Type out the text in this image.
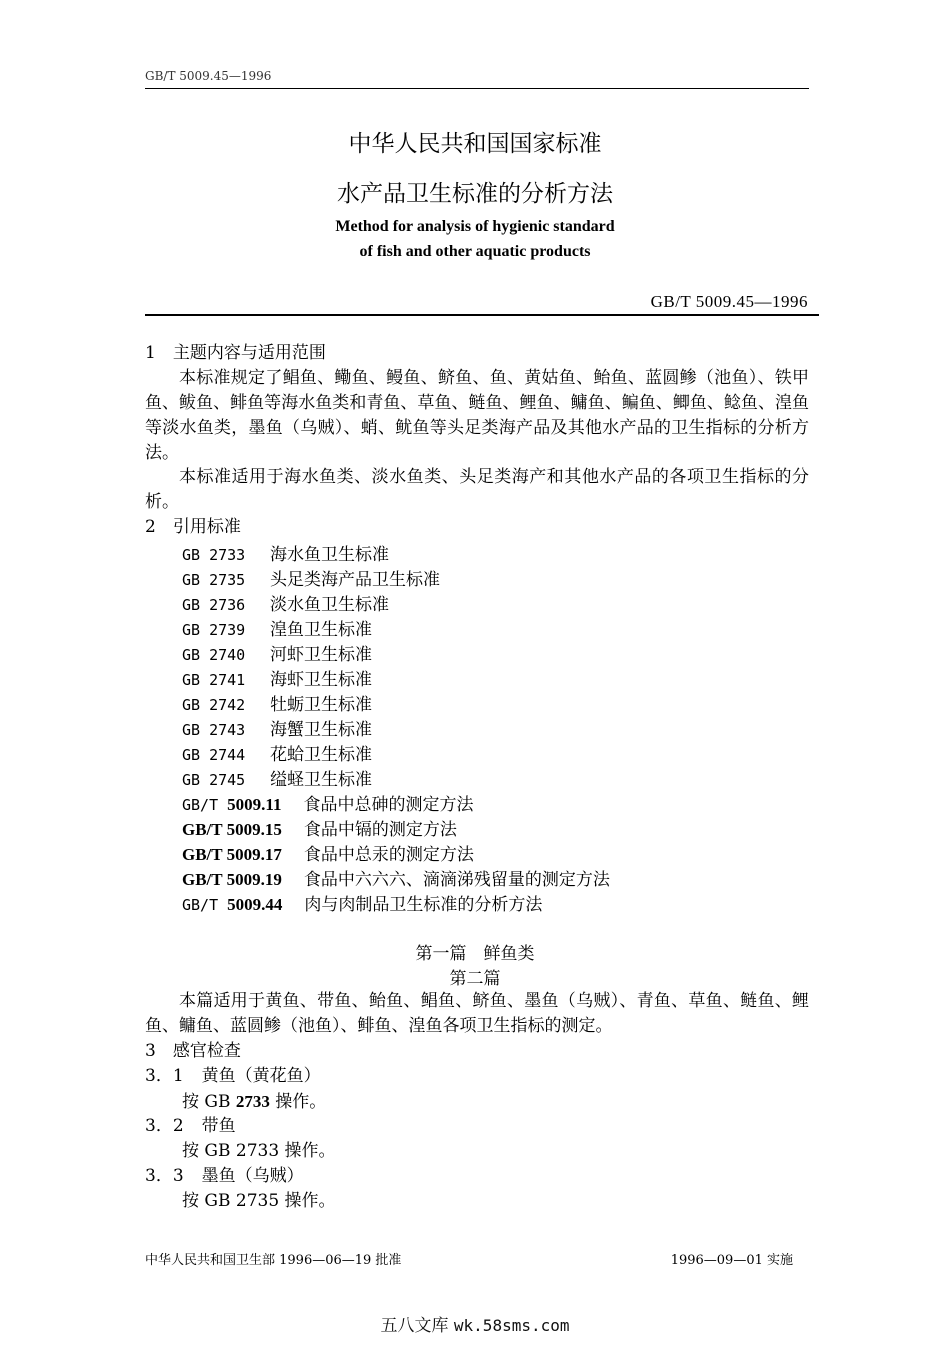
GB/T 5009.45—1996
中华人民共和国国家标准
水产品卫生标准的分析方法
Method for analysis of hygienic standard
of fish and other aquatic products
GB/T 5009.45—1996
1　主题内容与适用范围
本标准规定了鲳鱼、鳓鱼、鳗鱼、鲚鱼、鱼、黄姑鱼、鲐鱼、蓝圆鲹（池鱼）、铁甲鱼、鲅鱼、鲱鱼等海水鱼类和青鱼、草鱼、鲢鱼、鲤鱼、鳙鱼、鳊鱼、鲫鱼、鲶鱼、湟鱼等淡水鱼类，墨鱼（乌贼）、蛸、鱿鱼等头足类海产品及其他水产品的卫生指标的分析方法。
本标准适用于海水鱼类、淡水鱼类、头足类海产和其他水产品的各项卫生指标的分析。
2　引用标准
GB 2733 海水鱼卫生标准
GB 2735 头足类海产品卫生标准
GB 2736 淡水鱼卫生标准
GB 2739 湟鱼卫生标准
GB 2740 河虾卫生标准
GB 2741 海虾卫生标准
GB 2742 牡蛎卫生标准
GB 2743 海蟹卫生标准
GB 2744 花蛤卫生标准
GB 2745 缢蛏卫生标准
GB/T 5009.11 食品中总砷的测定方法
GB/T 5009.15 食品中镉的测定方法
GB/T 5009.17 食品中总汞的测定方法
GB/T 5009.19 食品中六六六、滴滴涕残留量的测定方法
GB/T 5009.44 肉与肉制品卫生标准的分析方法
第一篇　鲜鱼类
第二篇
本篇适用于黄鱼、带鱼、鲐鱼、鲳鱼、鲚鱼、墨鱼（乌贼）、青鱼、草鱼、鲢鱼、鲤鱼、鳙鱼、蓝圆鲹（池鱼）、鲱鱼、湟鱼各项卫生指标的测定。
3　感官检查
3．1 黄鱼（黄花鱼）
按 GB 2733 操作。
3．2 带鱼
按 GB 2733 操作。
3．3 墨鱼（乌贼）
按 GB 2735 操作。
中华人民共和国卫生部 1996—06—19 批准	1996—09—01 实施
五八文库 wk.58sms.com
